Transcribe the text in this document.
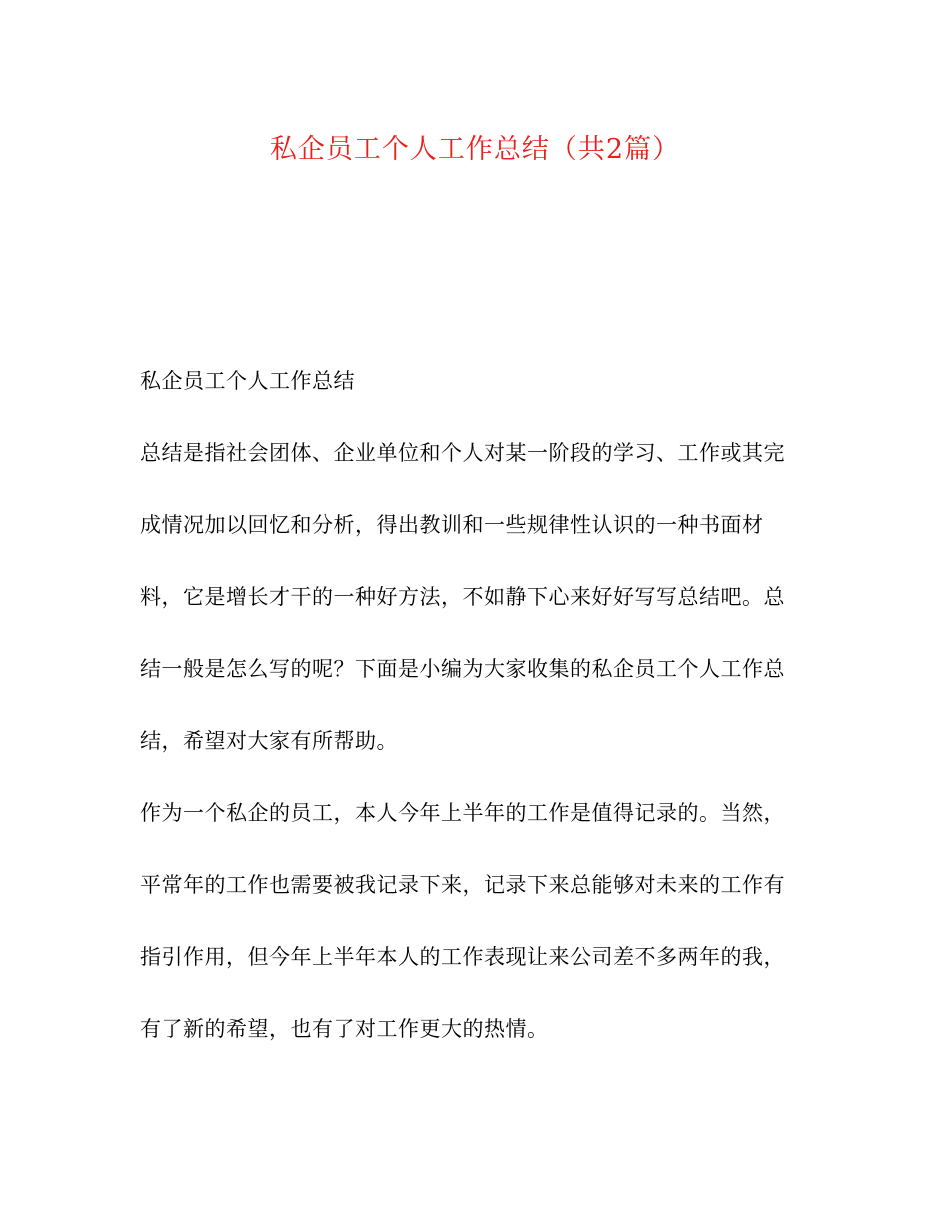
私企员工个人工作总结（共2篇）
私企员工个人工作总结
总结是指社会团体、企业单位和个人对某一阶段的学习、工作或其完
成情况加以回忆和分析，得出教训和一些规律性认识的一种书面材
料，它是增长才干的一种好方法，不如静下心来好好写写总结吧。总
结一般是怎么写的呢？下面是小编为大家收集的私企员工个人工作总
结，希望对大家有所帮助。
作为一个私企的员工，本人今年上半年的工作是值得记录的。当然，
平常年的工作也需要被我记录下来，记录下来总能够对未来的工作有
指引作用，但今年上半年本人的工作表现让来公司差不多两年的我，
有了新的希望，也有了对工作更大的热情。
